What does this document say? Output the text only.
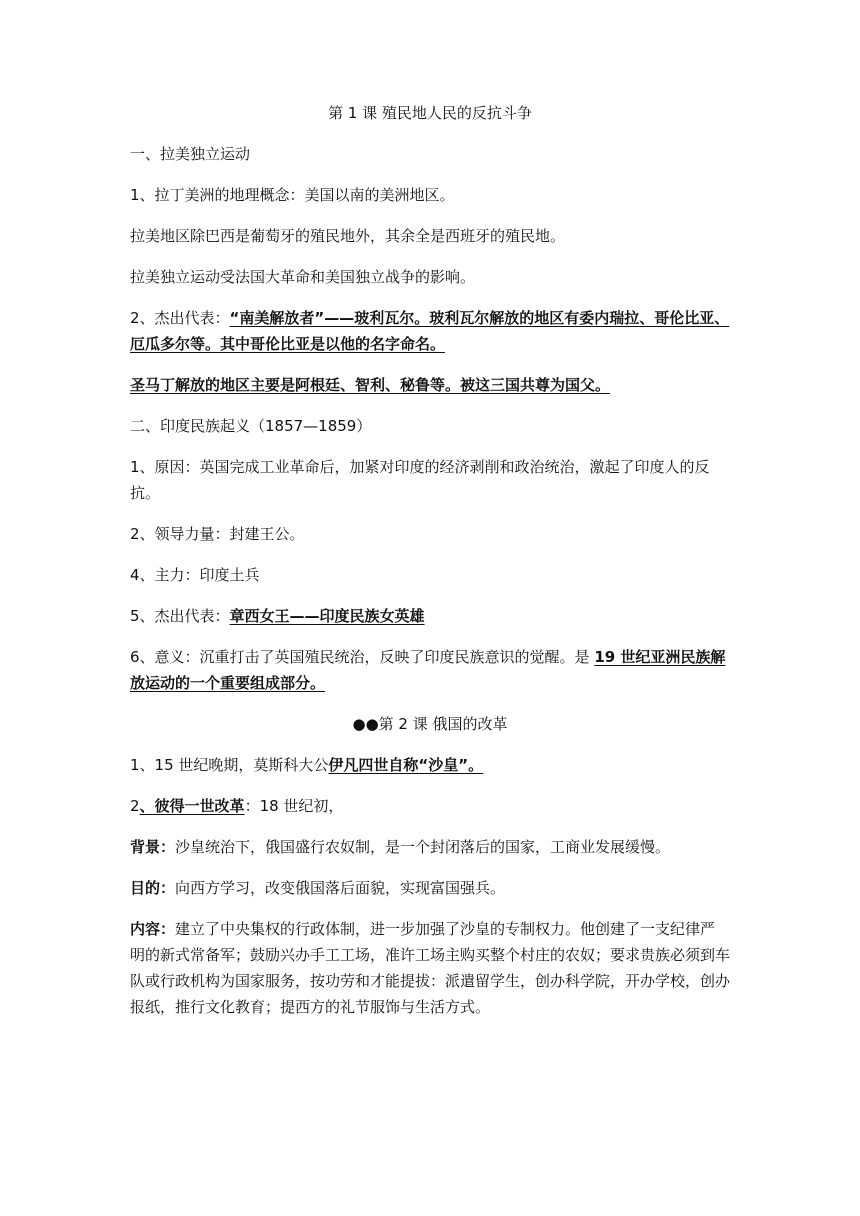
第 1 课 殖民地人民的反抗斗争

一、拉美独立运动

1、拉丁美洲的地理概念：美国以南的美洲地区。

拉美地区除巴西是葡萄牙的殖民地外，其余全是西班牙的殖民地。

拉美独立运动受法国大革命和美国独立战争的影响。

2、杰出代表：“南美解放者”——玻利瓦尔。玻利瓦尔解放的地区有委内瑞拉、哥伦比亚、厄瓜多尔等。其中哥伦比亚是以他的名字命名。

圣马丁解放的地区主要是阿根廷、智利、秘鲁等。被这三国共尊为国父。

二、印度民族起义（1857—1859）

1、原因：英国完成工业革命后，加紧对印度的经济剥削和政治统治，激起了印度人的反抗。

2、领导力量：封建王公。

4、主力：印度土兵

5、杰出代表：章西女王——印度民族女英雄

6、意义：沉重打击了英国殖民统治，反映了印度民族意识的觉醒。是 19 世纪亚洲民族解放运动的一个重要组成部分。

●●第 2 课 俄国的改革

1、15 世纪晚期，莫斯科大公伊凡四世自称“沙皇”。

2、彼得一世改革：18 世纪初，

背景：沙皇统治下，俄国盛行农奴制，是一个封闭落后的国家，工商业发展缓慢。

目的：向西方学习，改变俄国落后面貌，实现富国强兵。

内容：建立了中央集权的行政体制，进一步加强了沙皇的专制权力。他创建了一支纪律严明的新式常备军；鼓励兴办手工工场，准许工场主购买整个村庄的农奴；要求贵族必须到车队或行政机构为国家服务，按功劳和才能提拔：派遣留学生，创办科学院，开办学校，创办报纸，推行文化教育；提西方的礼节服饰与生活方式。
